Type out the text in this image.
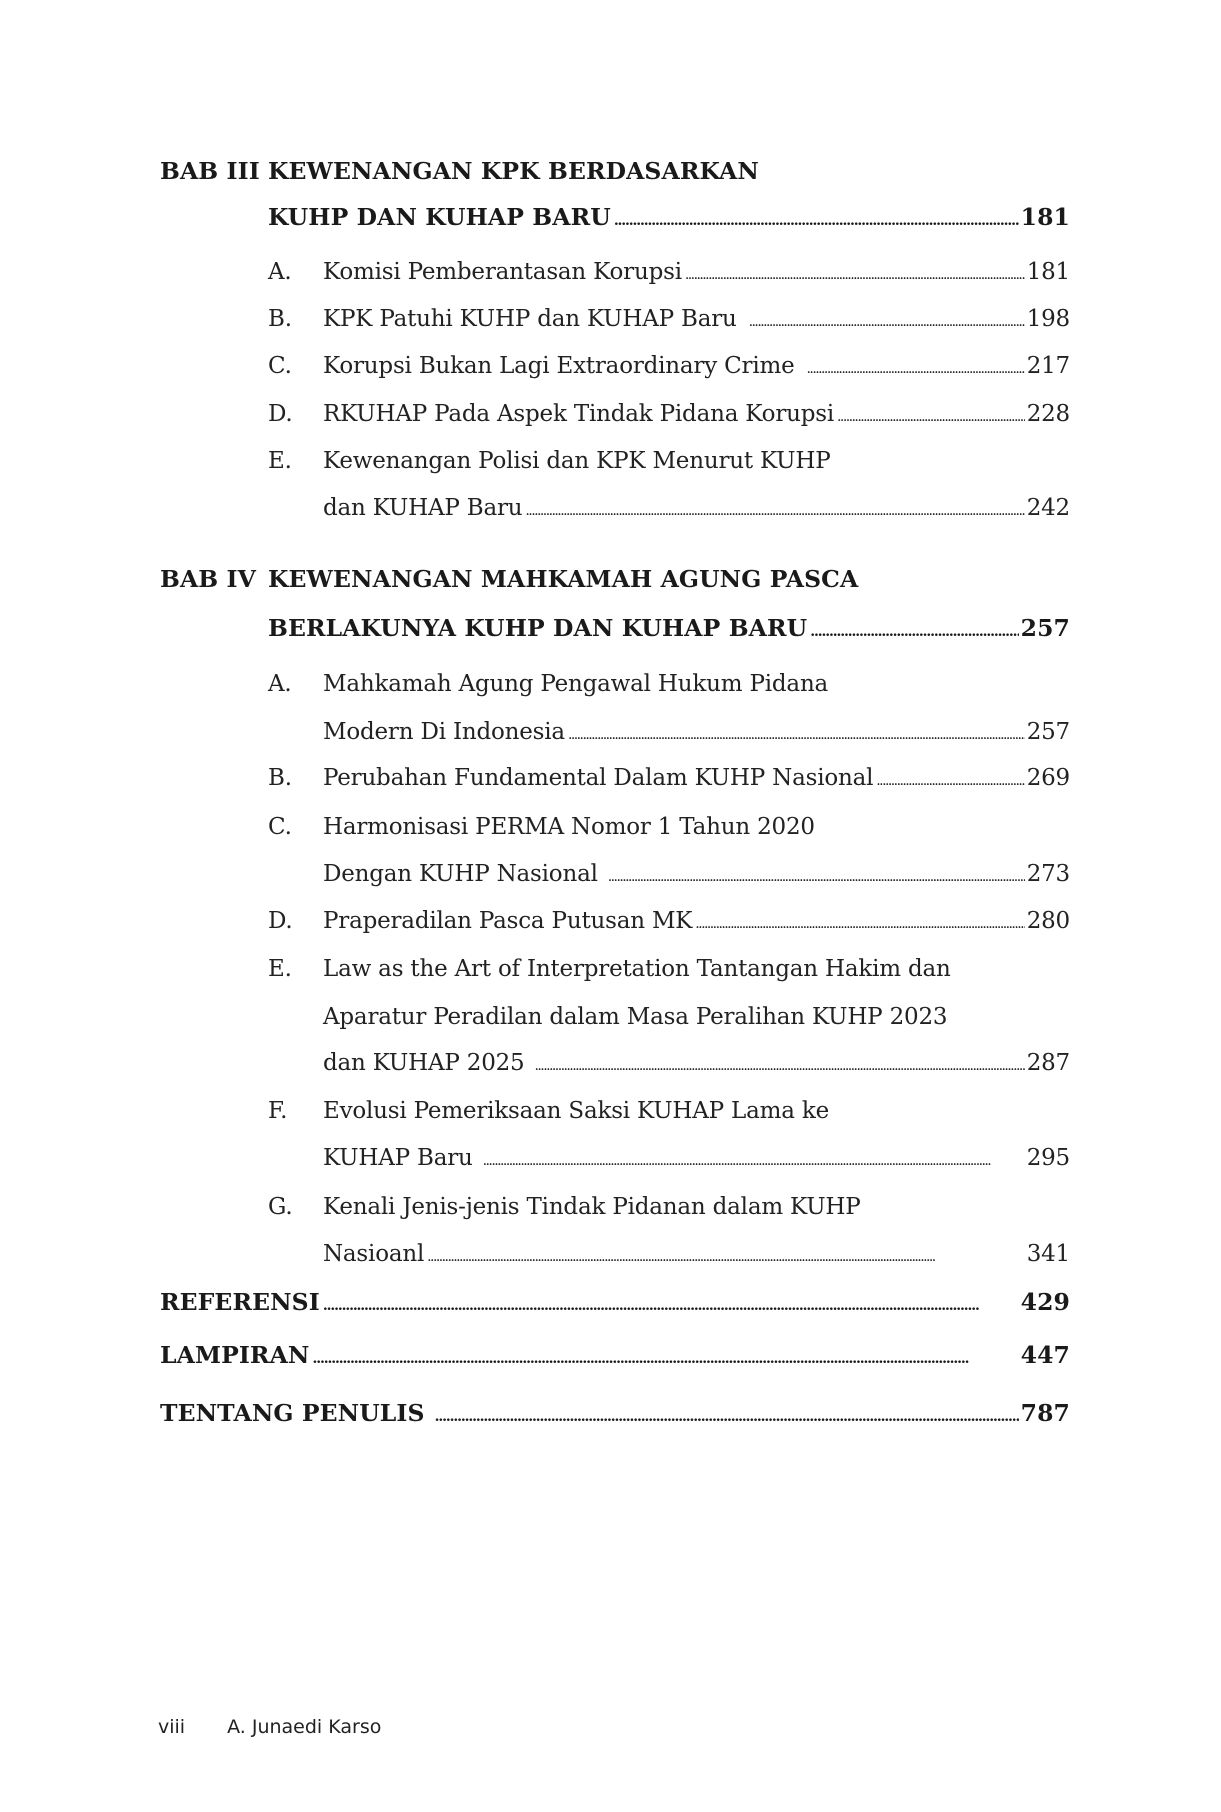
BAB III KEWENANGAN KPK BERDASARKAN
KUHP DAN KUHAP BARU . . .	181
A.	Komisi Pemberantasan Korupsi . . .	181
B.	KPK Patuhi KUHP dan KUHAP Baru . . .	198
C.	Korupsi Bukan Lagi Extraordinary Crime . . .	217
D.	RKUHAP Pada Aspek Tindak Pidana Korupsi . . .	228
E.	Kewenangan Polisi dan KPK Menurut KUHP
dan KUHAP Baru . . .	242
BAB IV KEWENANGAN MAHKAMAH AGUNG PASCA
BERLAKUNYA KUHP DAN KUHAP BARU . . .	257
A.	Mahkamah Agung Pengawal Hukum Pidana
Modern Di Indonesia . . .	257
B.	Perubahan Fundamental Dalam KUHP Nasional . . .	269
C.	Harmonisasi PERMA Nomor 1 Tahun 2020
Dengan KUHP Nasional . . .	273
D.	Praperadilan Pasca Putusan MK . . .	280
E.	Law as the Art of Interpretation Tantangan Hakim dan
Aparatur Peradilan dalam Masa Peralihan KUHP 2023
dan KUHAP 2025 . . .	287
F.	Evolusi Pemeriksaan Saksi KUHAP Lama ke
KUHAP Baru . . .	295
G.	Kenali Jenis-jenis Tindak Pidanan dalam KUHP
Nasioanl . . .	341
REFERENSI . . .	429
LAMPIRAN . . .	447
TENTANG PENULIS . . .	787
viii A. Junaedi Karso
